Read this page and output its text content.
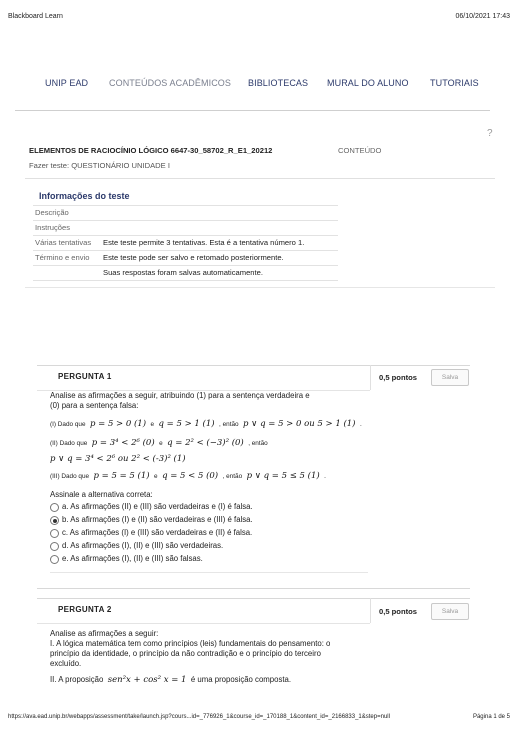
Blackboard Learn	06/10/2021 17:43
UNIP EAD CONTEÚDOS ACADÊMICOS BIBLIOTECAS MURAL DO ALUNO TUTORIAIS
?
ELEMENTOS DE RACIOCÍNIO LÓGICO 6647-30_58702_R_E1_20212	CONTEÚDO
Fazer teste: QUESTIONÁRIO UNIDADE I
Informações do teste
Descrição
Instruções
Várias tentativas Este teste permite 3 tentativas. Esta é a tentativa número 1.
Término e envio Este teste pode ser salvo e retomado posteriormente.
Suas respostas foram salvas automaticamente.
PERGUNTA 1	0,5 pontos	Salva
Analise as afirmações a seguir, atribuindo (1) para a sentença verdadeira e
(0) para a sentença falsa:
(I) Dado que p = 5 > 0 (1) e q = 5 > 1 (1) , então p ∨ q = 5 > 0 ou 5 > 1 (1) .
(II) Dado que p = 3⁴ < 2⁶ (0) e q = 2² < (−3)² (0) , então
p ∨ q = 3⁴ < 2⁶ ou 2² < (-3)² (1)
(III) Dado que p = 5 = 5 (1) e q = 5 < 5 (0) , então p ∨ q = 5 ≤ 5 (1) .
Assinale a alternativa correta:
a. As afirmações (II) e (III) são verdadeiras e (I) é falsa.
b. As afirmações (I) e (II) são verdadeiras e (III) é falsa.
c. As afirmações (I) e (III) são verdadeiras e (II) é falsa.
d. As afirmações (I), (II) e (III) são verdadeiras.
e. As afirmações (I), (II) e (III) são falsas.
PERGUNTA 2	0,5 pontos	Salva
Analise as afirmações a seguir:
I. A lógica matemática tem como princípios (leis) fundamentais do pensamento: o
princípio da identidade, o princípio da não contradição e o princípio do terceiro
excluído.
II. A proposição sen²x + cos² x = 1 é uma proposição composta.
https://ava.ead.unip.br/webapps/assessment/take/launch.jsp?cours...id=_776926_1&course_id=_170188_1&content_id=_2166833_1&step=null	Página 1 de 5
